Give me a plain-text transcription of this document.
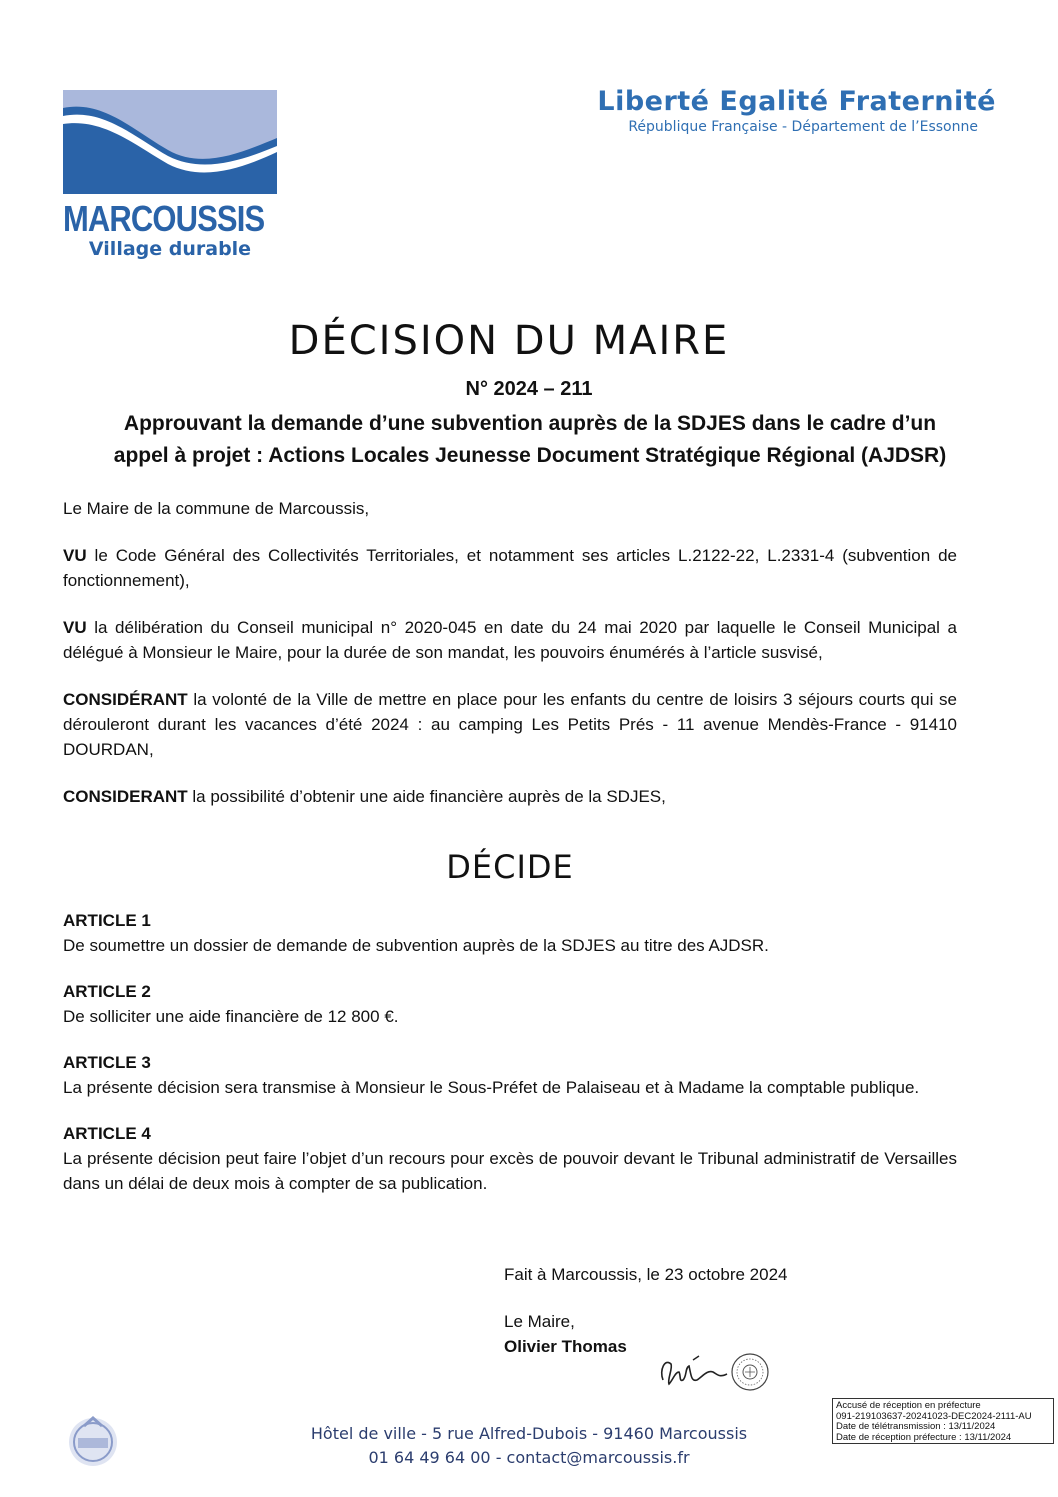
MARCOUSSIS
Village durable
Liberté Egalité Fraternité
République Française - Département de l’Essonne
DÉCISION DU MAIRE
N° 2024 – 211
Approuvant la demande d’une subvention auprès de la SDJES dans le cadre d’un
appel à projet : Actions Locales Jeunesse Document Stratégique Régional (AJDSR)

Le Maire de la commune de Marcoussis,

VU le Code Général des Collectivités Territoriales, et notamment ses articles L.2122-22, L.2331-4 (subvention de fonctionnement),

VU la délibération du Conseil municipal n° 2020-045 en date du 24 mai 2020 par laquelle le Conseil Municipal a délégué à Monsieur le Maire, pour la durée de son mandat, les pouvoirs énumérés à l’article susvisé,

CONSIDÉRANT la volonté de la Ville de mettre en place pour les enfants du centre de loisirs 3 séjours courts qui se dérouleront durant les vacances d’été 2024 : au camping Les Petits Prés - 11 avenue Mendès-France - 91410 DOURDAN,

CONSIDERANT la possibilité d’obtenir une aide financière auprès de la SDJES,

DÉCIDE
ARTICLE 1

De soumettre un dossier de demande de subvention auprès de la SDJES au titre des AJDSR.

ARTICLE 2

De solliciter une aide financière de 12 800 €.

ARTICLE 3

La présente décision sera transmise à Monsieur le Sous-Préfet de Palaiseau et à Madame la comptable publique.

ARTICLE 4

La présente décision peut faire l’objet d’un recours pour excès de pouvoir devant le Tribunal administratif de Versailles dans un délai de deux mois à compter de sa publication.

Fait à Marcoussis, le 23 octobre 2024
Le Maire,
Olivier Thomas
Hôtel de ville - 5 rue Alfred-Dubois - 91460 Marcoussis
01 64 49 64 00 - contact@marcoussis.fr
Accusé de réception en préfecture
091-219103637-20241023-DEC2024-2111-AU
Date de télétransmission : 13/11/2024
Date de réception préfecture : 13/11/2024
